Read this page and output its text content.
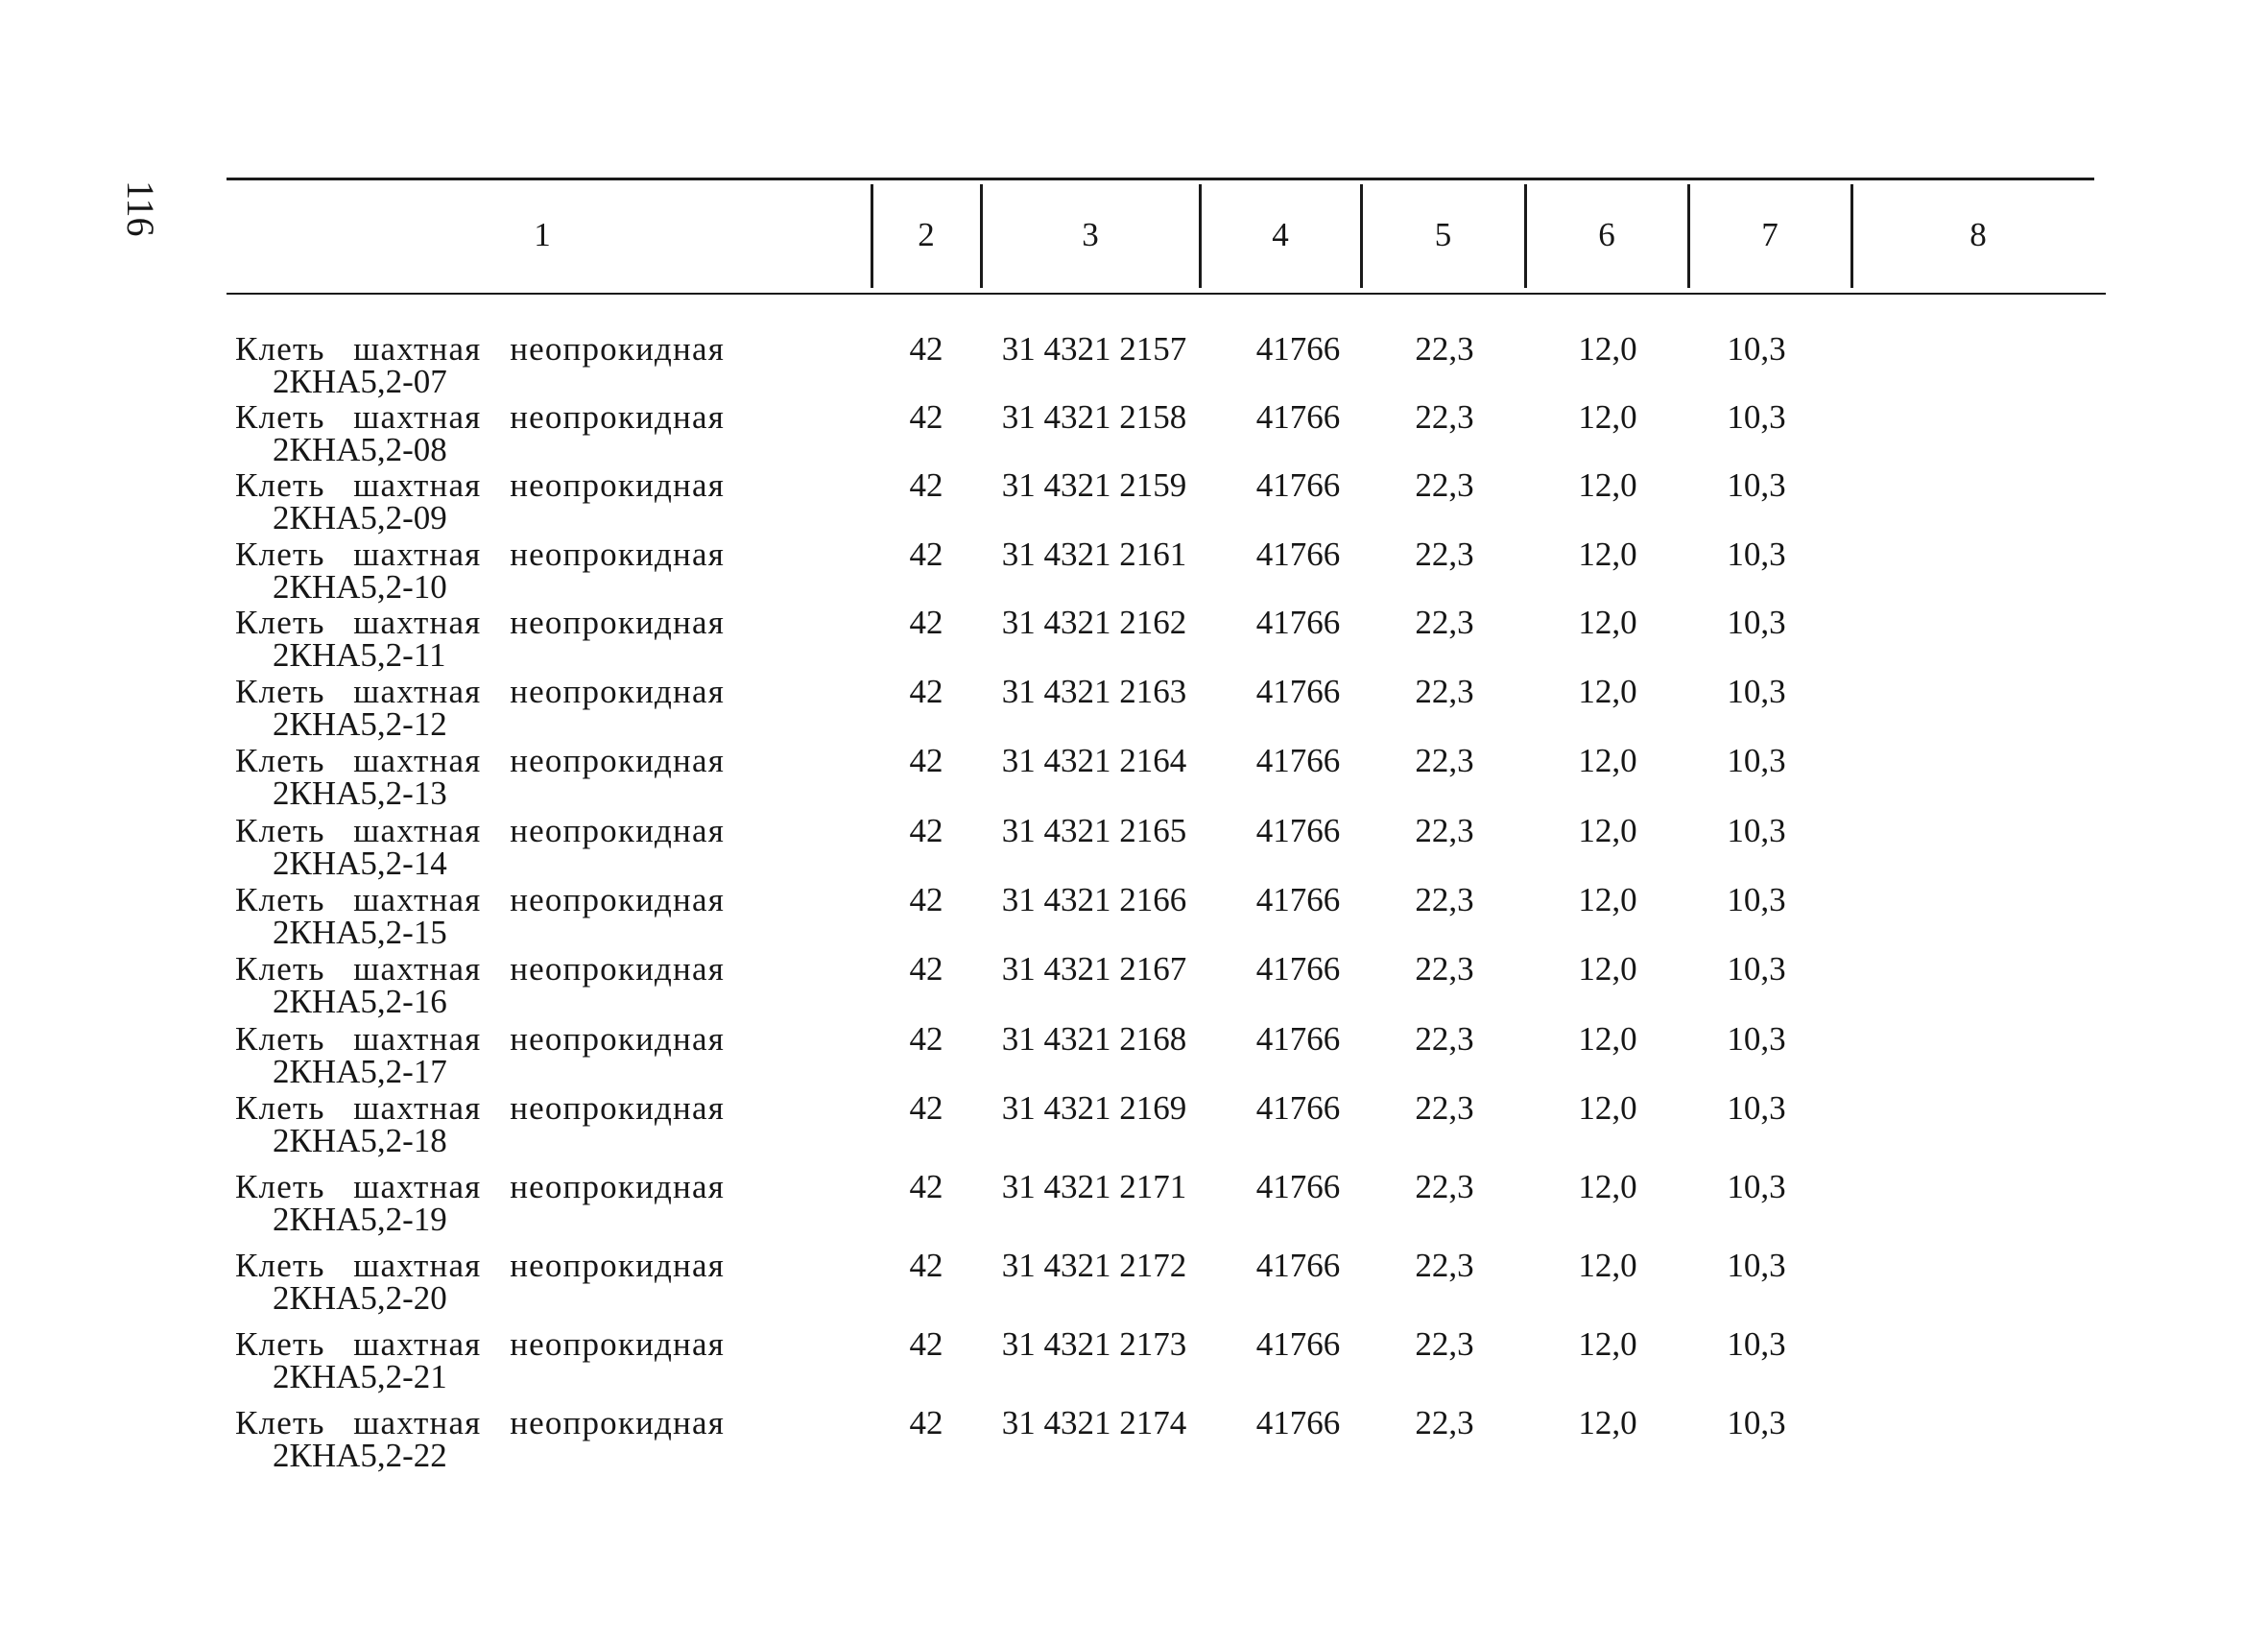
116	1	2	3	4	5	6	7	8
Клеть шахтная неопрокидная
2КНА5,2-07
42	31 4321 2157	41766	22,3	12,0	10,3
Клеть шахтная неопрокидная
2КНА5,2-08
42	31 4321 2158	41766	22,3	12,0	10,3
Клеть шахтная неопрокидная
2КНА5,2-09
42	31 4321 2159	41766	22,3	12,0	10,3
Клеть шахтная неопрокидная
2КНА5,2-10
42	31 4321 2161	41766	22,3	12,0	10,3
Клеть шахтная неопрокидная
2КНА5,2-11
42	31 4321 2162	41766	22,3	12,0	10,3
Клеть шахтная неопрокидная
2КНА5,2-12
42	31 4321 2163	41766	22,3	12,0	10,3
Клеть шахтная неопрокидная
2КНА5,2-13
42	31 4321 2164	41766	22,3	12,0	10,3
Клеть шахтная неопрокидная
2КНА5,2-14
42	31 4321 2165	41766	22,3	12,0	10,3
Клеть шахтная неопрокидная
2КНА5,2-15
42	31 4321 2166	41766	22,3	12,0	10,3
Клеть шахтная неопрокидная
2КНА5,2-16
42	31 4321 2167	41766	22,3	12,0	10,3
Клеть шахтная неопрокидная
2КНА5,2-17
42	31 4321 2168	41766	22,3	12,0	10,3
Клеть шахтная неопрокидная
2КНА5,2-18
42	31 4321 2169	41766	22,3	12,0	10,3
Клеть шахтная неопрокидная
2КНА5,2-19
42	31 4321 2171	41766	22,3	12,0	10,3
Клеть шахтная неопрокидная
2КНА5,2-20
42	31 4321 2172	41766	22,3	12,0	10,3
Клеть шахтная неопрокидная
2КНА5,2-21
42	31 4321 2173	41766	22,3	12,0	10,3
Клеть шахтная неопрокидная
2КНА5,2-22
42	31 4321 2174	41766	22,3	12,0	10,3
